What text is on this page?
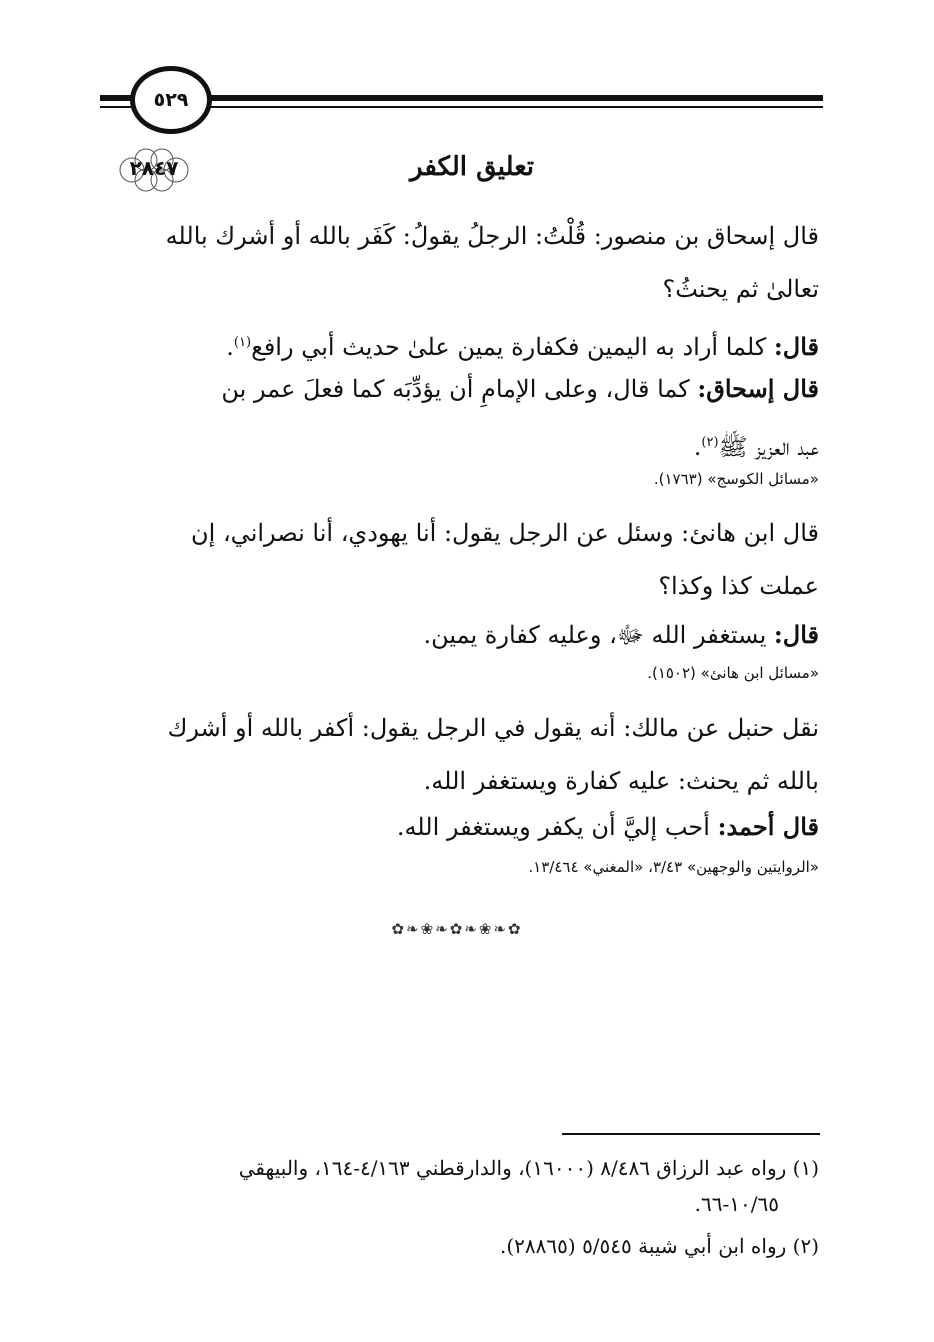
٥٢٩
تعليق الكفر
٢٨٤٧
قال إسحاق بن منصور: قُلْتُ: الرجلُ يقولُ: كَفَر بالله أو أشرك بالله
تعالىٰ ثم يحنثُ؟
قال: كلما أراد به اليمين فكفارة يمين علىٰ حديث أبي رافع$^{(١)}$.
قال إسحاق: كما قال، وعلى الإمامِ أن يؤدِّبَه كما فعلَ عمر بن
عبد العزيز ﷺ$^{(٢)}$.
«مسائل الكوسج» (١٧٦٣).
قال ابن هانئ: وسئل عن الرجل يقول: أنا يهودي، أنا نصراني، إن
عملت كذا وكذا؟
قال: يستغفر الله ﷻ، وعليه كفارة يمين.
«مسائل ابن هانئ» (١٥٠٢).
نقل حنبل عن مالك: أنه يقول في الرجل يقول: أكفر بالله أو أشرك
بالله ثم يحنث: عليه كفارة ويستغفر الله.
قال أحمد: أحب إليَّ أن يكفر ويستغفر الله.
«الروايتين والوجهين» ٣/٤٣، «المغني» ١٣/٤٦٤.
✿❧❀❧✿❧❀❧✿
(١) رواه عبد الرزاق ٨/٤٨٦ (١٦٠٠٠)، والدارقطني ٤/١٦٣-١٦٤، والبيهقي
١٠/٦٥-٦٦.
(٢) رواه ابن أبي شيبة ٥/٥٤٥ (٢٨٨٦٥).
